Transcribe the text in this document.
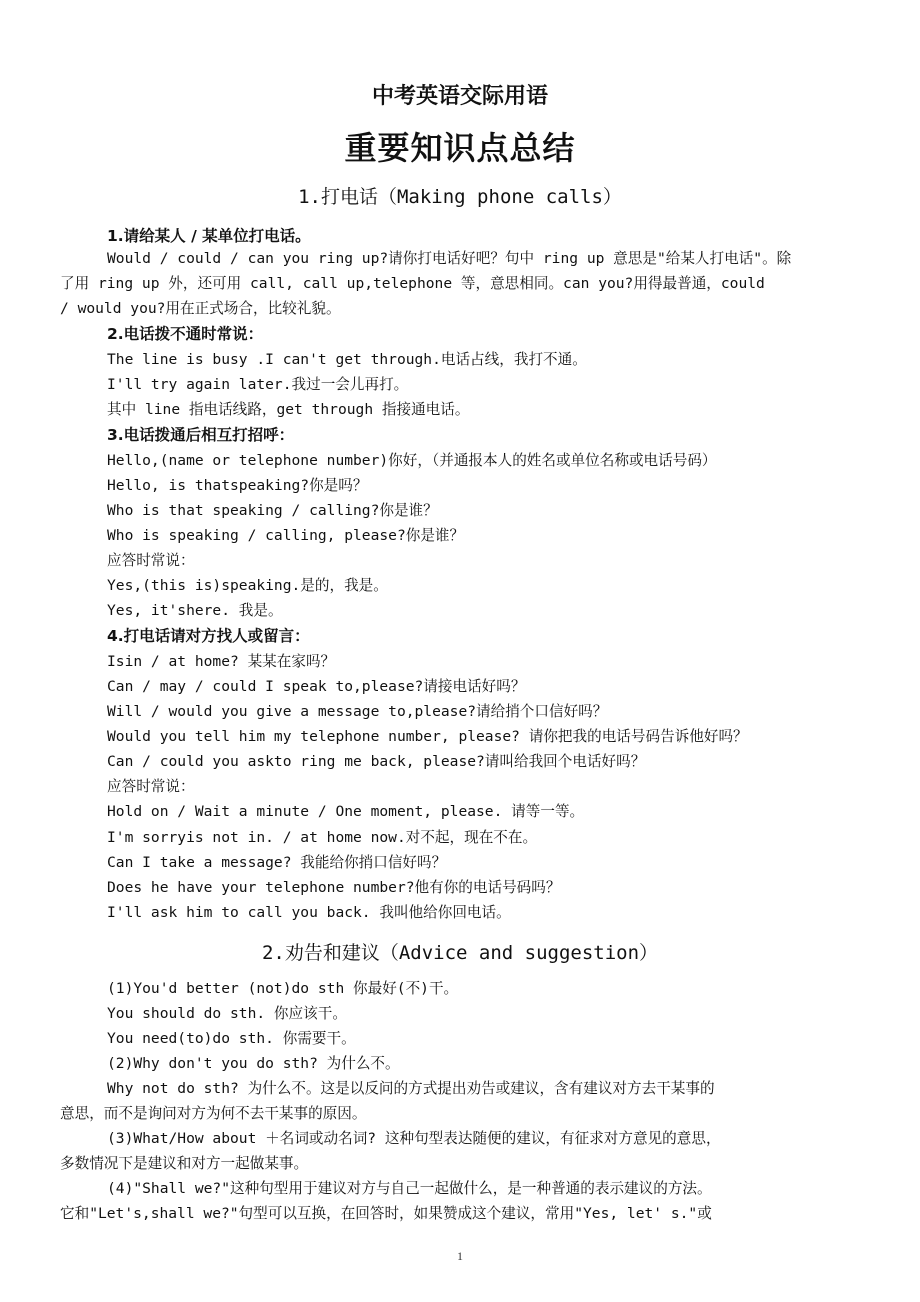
中考英语交际用语
重要知识点总结
1.打电话（Making phone calls）
1.请给某人 / 某单位打电话。
Would / could / can you ring up?请你打电话好吧？句中 ring up 意思是"给某人打电话"。除
了用 ring up 外，还可用 call, call up,telephone 等，意思相同。can you?用得最普通，could
/ would you?用在正式场合，比较礼貌。
2.电话拨不通时常说：
The line is busy .I can't get through.电话占线，我打不通。
I'll try again later.我过一会儿再打。
其中 line 指电话线路，get through 指接通电话。
3.电话拨通后相互打招呼：
Hello,(name or telephone number)你好，（并通报本人的姓名或单位名称或电话号码）
Hello, is thatspeaking?你是吗？
Who is that speaking / calling?你是谁？
Who is speaking / calling, please?你是谁？
应答时常说：
Yes,(this is)speaking.是的，我是。
Yes, it'shere. 我是。
4.打电话请对方找人或留言：
Isin / at home? 某某在家吗？
Can / may / could I speak to,please?请接电话好吗？
Will / would you give a message to,please?请给捎个口信好吗？
Would you tell him my telephone number, please? 请你把我的电话号码告诉他好吗？
Can / could you askto ring me back, please?请叫给我回个电话好吗？
应答时常说：
Hold on / Wait a minute / One moment, please. 请等一等。
I'm sorryis not in. / at home now.对不起，现在不在。
Can I take a message? 我能给你捎口信好吗？
Does he have your telephone number?他有你的电话号码吗？
I'll ask him to call you back. 我叫他给你回电话。
2.劝告和建议（Advice and suggestion）
(1)You'd better (not)do sth 你最好(不)干。
You should do sth. 你应该干。
You need(to)do sth. 你需要干。
(2)Why don't you do sth? 为什么不。
Why not do sth? 为什么不。这是以反问的方式提出劝告或建议，含有建议对方去干某事的
意思，而不是询问对方为何不去干某事的原因。
(3)What/How about ＋名词或动名词? 这种句型表达随便的建议，有征求对方意见的意思，
多数情况下是建议和对方一起做某事。
(4)"Shall we?"这种句型用于建议对方与自己一起做什么，是一种普通的表示建议的方法。
它和"Let's,shall we?"句型可以互换，在回答时，如果赞成这个建议，常用"Yes, let' s."或
1
